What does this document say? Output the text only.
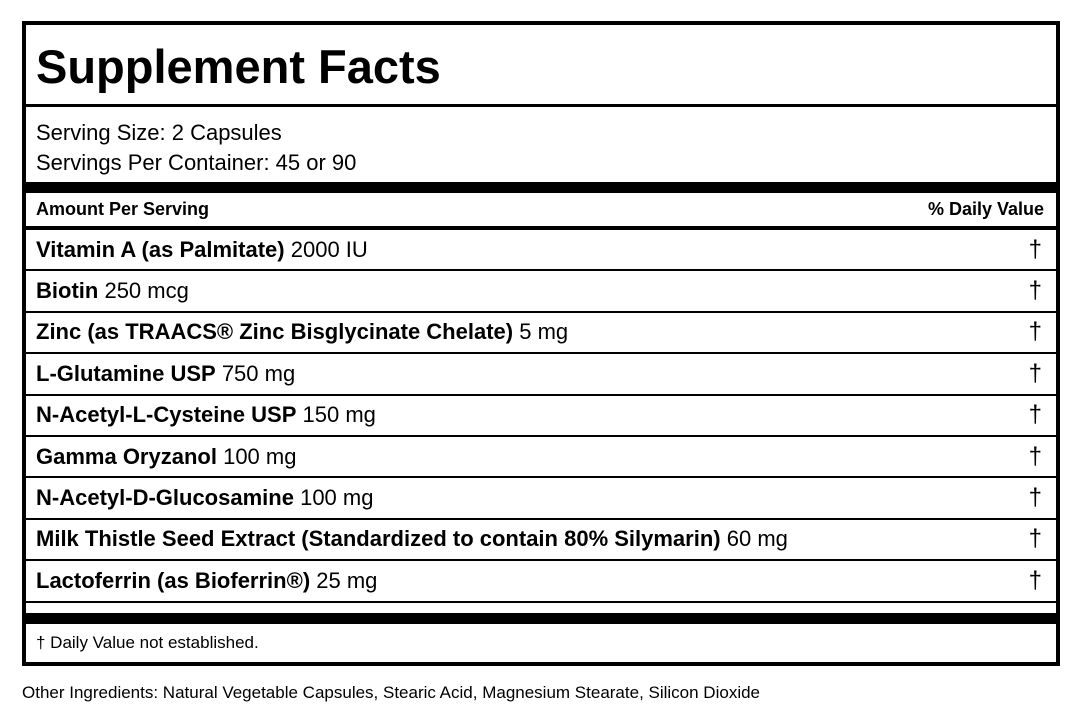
Supplement Facts
Serving Size: 2 Capsules
Servings Per Container: 45 or 90
Amount Per Serving	% Daily Value
Vitamin A (as Palmitate) 2000 IU	†
Biotin 250 mcg	†
Zinc (as TRAACS® Zinc Bisglycinate Chelate) 5 mg	†
L-Glutamine USP 750 mg	†
N-Acetyl-L-Cysteine USP 150 mg	†
Gamma Oryzanol 100 mg	†
N-Acetyl-D-Glucosamine 100 mg	†
Milk Thistle Seed Extract (Standardized to contain 80% Silymarin) 60 mg	†
Lactoferrin (as Bioferrin®) 25 mg	†
† Daily Value not established.
Other Ingredients: Natural Vegetable Capsules, Stearic Acid, Magnesium Stearate, Silicon Dioxide
